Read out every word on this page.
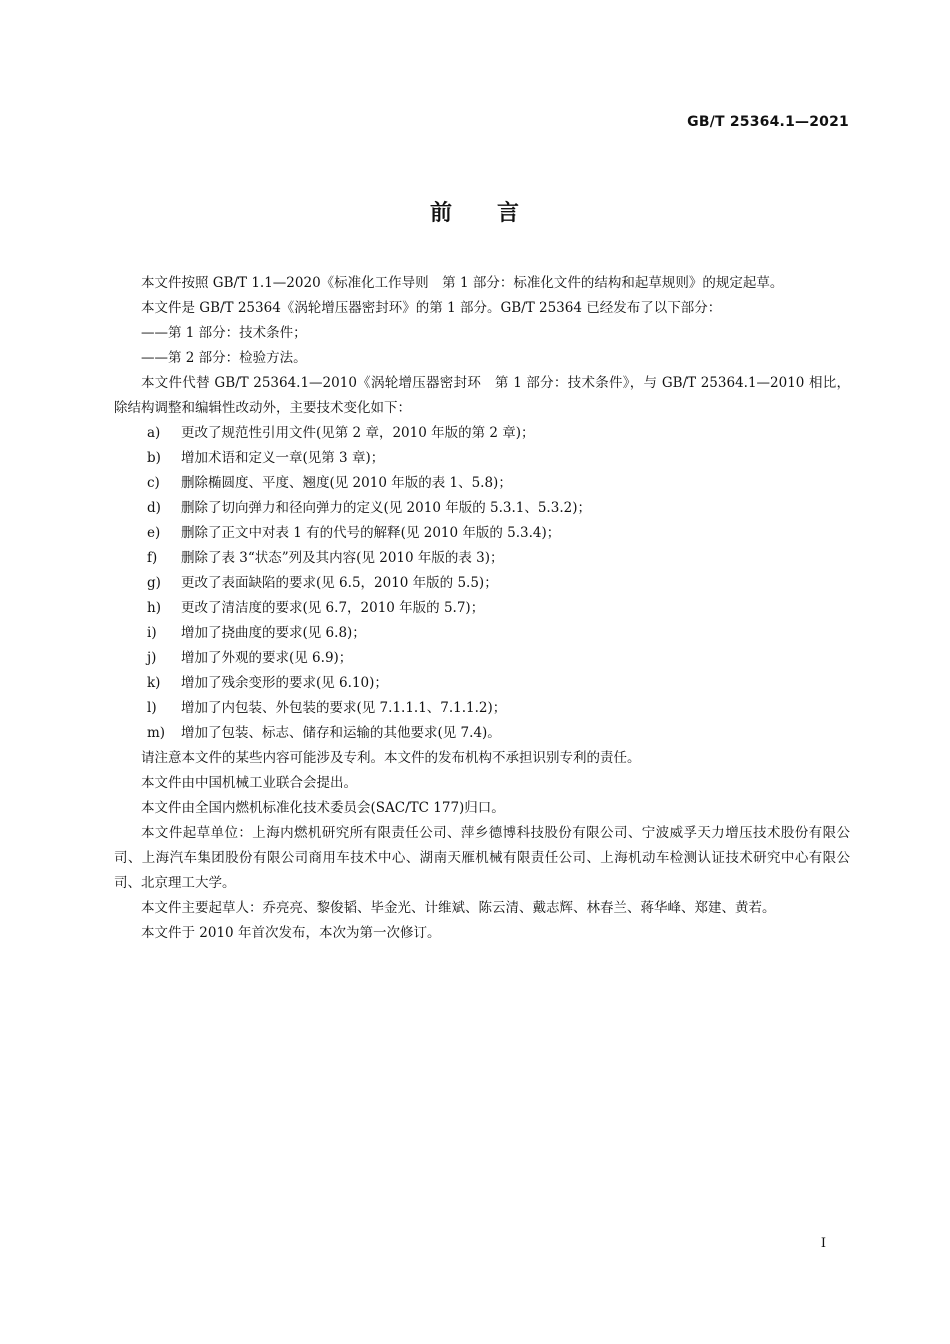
GB/T 25364.1—2021
前 言

本文件按照 GB/T 1.1—2020《标准化工作导则　第 1 部分：标准化文件的结构和起草规则》的规定起草。

本文件是 GB/T 25364《涡轮增压器密封环》的第 1 部分。GB/T 25364 已经发布了以下部分：

——第 1 部分：技术条件；

——第 2 部分：检验方法。

本文件代替 GB/T 25364.1—2010《涡轮增压器密封环　第 1 部分：技术条件》，与 GB/T 25364.1—2010 相比，除结构调整和编辑性改动外，主要技术变化如下：

a)	更改了规范性引用文件(见第 2 章，2010 年版的第 2 章)；
b)	增加术语和定义一章(见第 3 章)；
c)	删除椭圆度、平度、翘度(见 2010 年版的表 1、5.8)；
d)	删除了切向弹力和径向弹力的定义(见 2010 年版的 5.3.1、5.3.2)；
e)	删除了正文中对表 1 有的代号的解释(见 2010 年版的 5.3.4)；
f)	删除了表 3“状态”列及其内容(见 2010 年版的表 3)；
g)	更改了表面缺陷的要求(见 6.5，2010 年版的 5.5)；
h)	更改了清洁度的要求(见 6.7，2010 年版的 5.7)；
i)	增加了挠曲度的要求(见 6.8)；
j)	增加了外观的要求(见 6.9)；
k)	增加了残余变形的要求(见 6.10)；
l)	增加了内包装、外包装的要求(见 7.1.1.1、7.1.1.2)；
m)	增加了包装、标志、储存和运输的其他要求(见 7.4)。

请注意本文件的某些内容可能涉及专利。本文件的发布机构不承担识别专利的责任。

本文件由中国机械工业联合会提出。

本文件由全国内燃机标准化技术委员会(SAC/TC 177)归口。

本文件起草单位：上海内燃机研究所有限责任公司、萍乡德博科技股份有限公司、宁波威孚天力增压技术股份有限公司、上海汽车集团股份有限公司商用车技术中心、湖南天雁机械有限责任公司、上海机动车检测认证技术研究中心有限公司、北京理工大学。

本文件主要起草人：乔亮亮、黎俊韬、毕金光、计维斌、陈云清、戴志辉、林春兰、蒋华峰、郑建、黄若。

本文件于 2010 年首次发布，本次为第一次修订。

I
